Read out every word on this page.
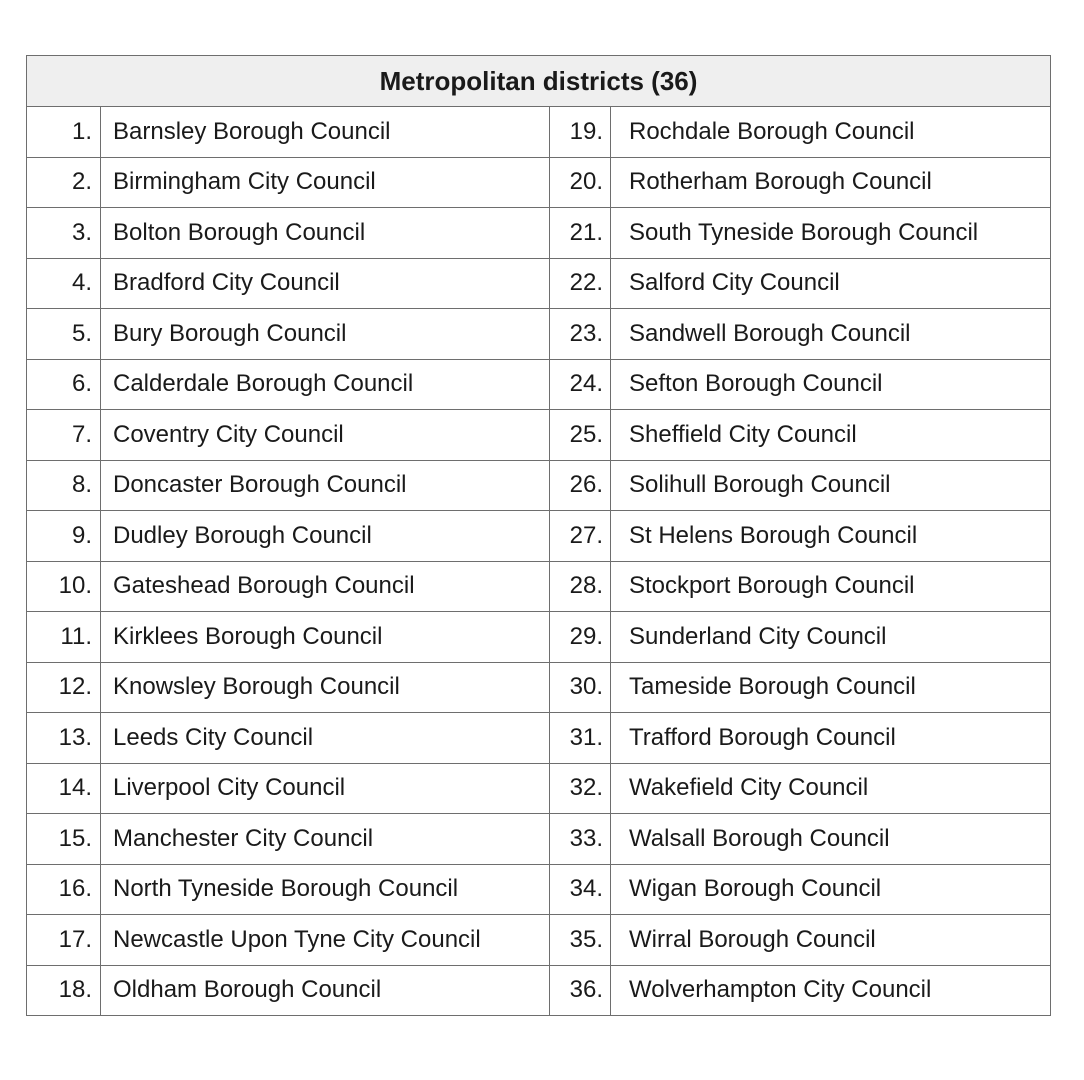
Metropolitan districts (36)			
1.	Barnsley Borough Council	19.	Rochdale Borough Council
2.	Birmingham City Council	20.	Rotherham Borough Council
3.	Bolton Borough Council	21.	South Tyneside Borough Council
4.	Bradford City Council	22.	Salford City Council
5.	Bury Borough Council	23.	Sandwell Borough Council
6.	Calderdale Borough Council	24.	Sefton Borough Council
7.	Coventry City Council	25.	Sheffield City Council
8.	Doncaster Borough Council	26.	Solihull Borough Council
9.	Dudley Borough Council	27.	St Helens Borough Council
10.	Gateshead Borough Council	28.	Stockport Borough Council
11.	Kirklees Borough Council	29.	Sunderland City Council
12.	Knowsley Borough Council	30.	Tameside Borough Council
13.	Leeds City Council	31.	Trafford Borough Council
14.	Liverpool City Council	32.	Wakefield City Council
15.	Manchester City Council	33.	Walsall Borough Council
16.	North Tyneside Borough Council	34.	Wigan Borough Council
17.	Newcastle Upon Tyne City Council	35.	Wirral Borough Council
18.	Oldham Borough Council	36.	Wolverhampton City Council
